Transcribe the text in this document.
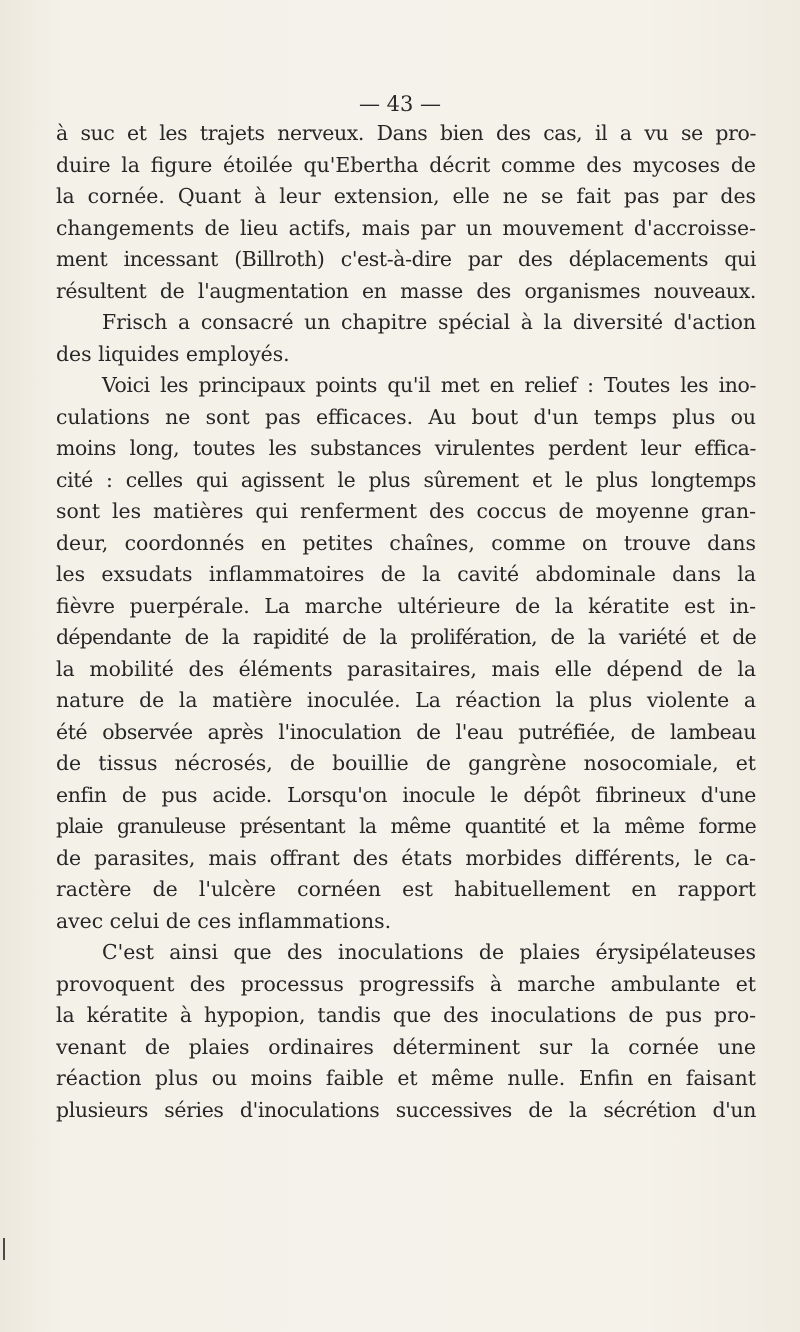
— 43 —
à suc et les trajets nerveux. Dans bien des cas, il a vu se pro-
duire la figure étoilée qu'Ebertha décrit comme des mycoses de
la cornée. Quant à leur extension, elle ne se fait pas par des
changements de lieu actifs, mais par un mouvement d'accroisse-
ment incessant (Billroth) c'est-à-dire par des déplacements qui
résultent de l'augmentation en masse des organismes nouveaux.
Frisch a consacré un chapitre spécial à la diversité d'action
des liquides employés.
Voici les principaux points qu'il met en relief : Toutes les ino-
culations ne sont pas efficaces. Au bout d'un temps plus ou
moins long, toutes les substances virulentes perdent leur effica-
cité : celles qui agissent le plus sûrement et le plus longtemps
sont les matières qui renferment des coccus de moyenne gran-
deur, coordonnés en petites chaînes, comme on trouve dans
les exsudats inflammatoires de la cavité abdominale dans la
fièvre puerpérale. La marche ultérieure de la kératite est in-
dépendante de la rapidité de la prolifération, de la variété et de
la mobilité des éléments parasitaires, mais elle dépend de la
nature de la matière inoculée. La réaction la plus violente a
été observée après l'inoculation de l'eau putréfiée, de lambeau
de tissus nécrosés, de bouillie de gangrène nosocomiale, et
enfin de pus acide. Lorsqu'on inocule le dépôt fibrineux d'une
plaie granuleuse présentant la même quantité et la même forme
de parasites, mais offrant des états morbides différents, le ca-
ractère de l'ulcère cornéen est habituellement en rapport
avec celui de ces inflammations.
C'est ainsi que des inoculations de plaies érysipélateuses
provoquent des processus progressifs à marche ambulante et
la kératite à hypopion, tandis que des inoculations de pus pro-
venant de plaies ordinaires déterminent sur la cornée une
réaction plus ou moins faible et même nulle. Enfin en faisant
plusieurs séries d'inoculations successives de la sécrétion d'un
